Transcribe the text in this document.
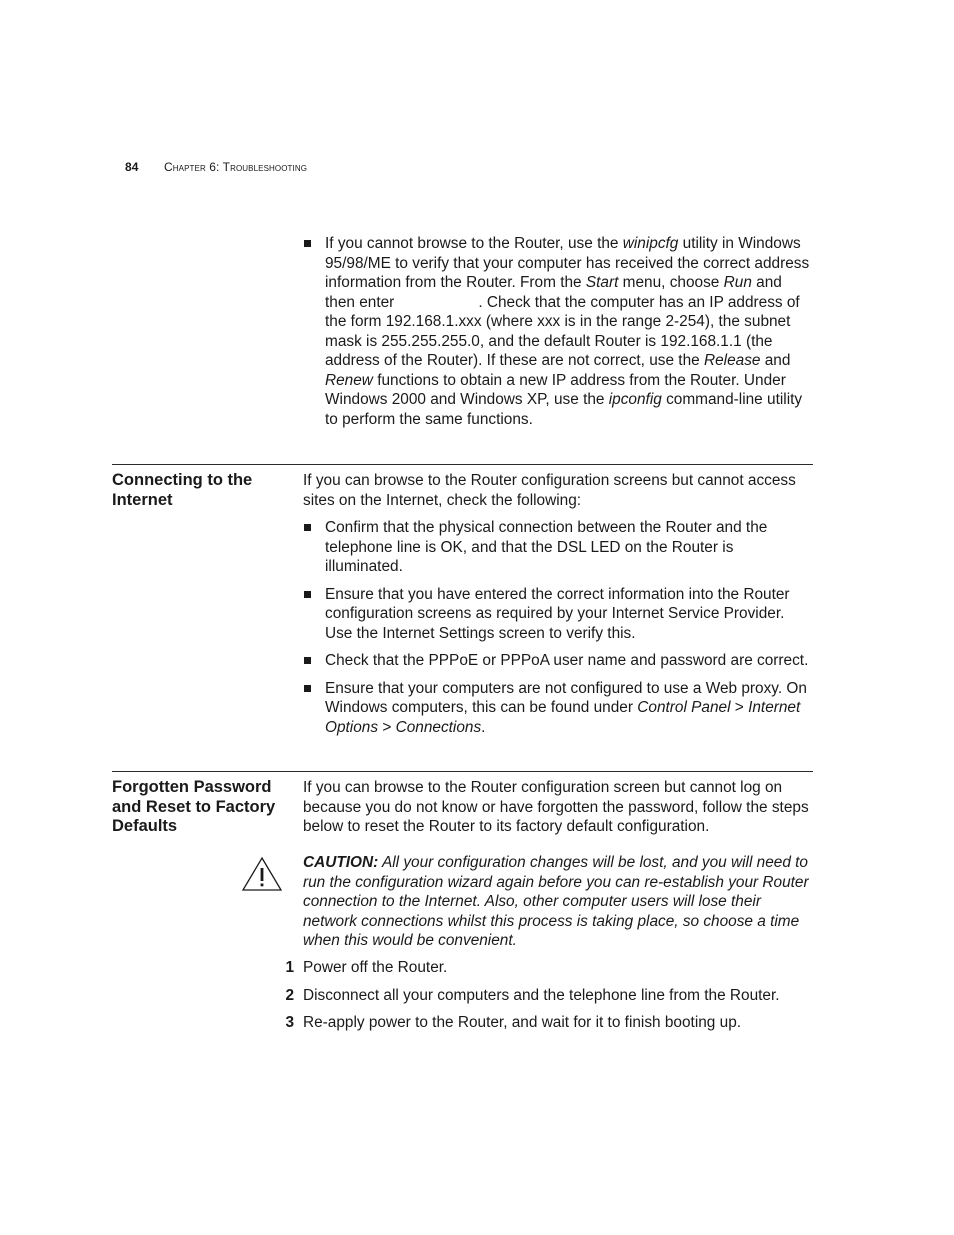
84 Chapter 6: Troubleshooting
If you cannot browse to the Router, use the winipcfg utility in Windows 95/98/ME to verify that your computer has received the correct address information from the Router. From the Start menu, choose Run and then enter	. Check that the computer has an IP address of the form 192.168.1.xxx (where xxx is in the range 2-254), the subnet mask is 255.255.255.0, and the default Router is 192.168.1.1 (the address of the Router). If these are not correct, use the Release and Renew functions to obtain a new IP address from the Router. Under Windows 2000 and Windows XP, use the ipconfig command-line utility to perform the same functions.
Connecting to the Internet
If you can browse to the Router configuration screens but cannot access sites on the Internet, check the following:
Confirm that the physical connection between the Router and the telephone line is OK, and that the DSL LED on the Router is illuminated.
Ensure that you have entered the correct information into the Router configuration screens as required by your Internet Service Provider. Use the Internet Settings screen to verify this.
Check that the PPPoE or PPPoA user name and password are correct.
Ensure that your computers are not configured to use a Web proxy. On Windows computers, this can be found under Control Panel > Internet Options > Connections.
Forgotten Password and Reset to Factory Defaults
If you can browse to the Router configuration screen but cannot log on because you do not know or have forgotten the password, follow the steps below to reset the Router to its factory default configuration.
CAUTION: All your configuration changes will be lost, and you will need to run the configuration wizard again before you can re-establish your Router connection to the Internet. Also, other computer users will lose their network connections whilst this process is taking place, so choose a time when this would be convenient.
1 Power off the Router.
2 Disconnect all your computers and the telephone line from the Router.
3 Re-apply power to the Router, and wait for it to finish booting up.
